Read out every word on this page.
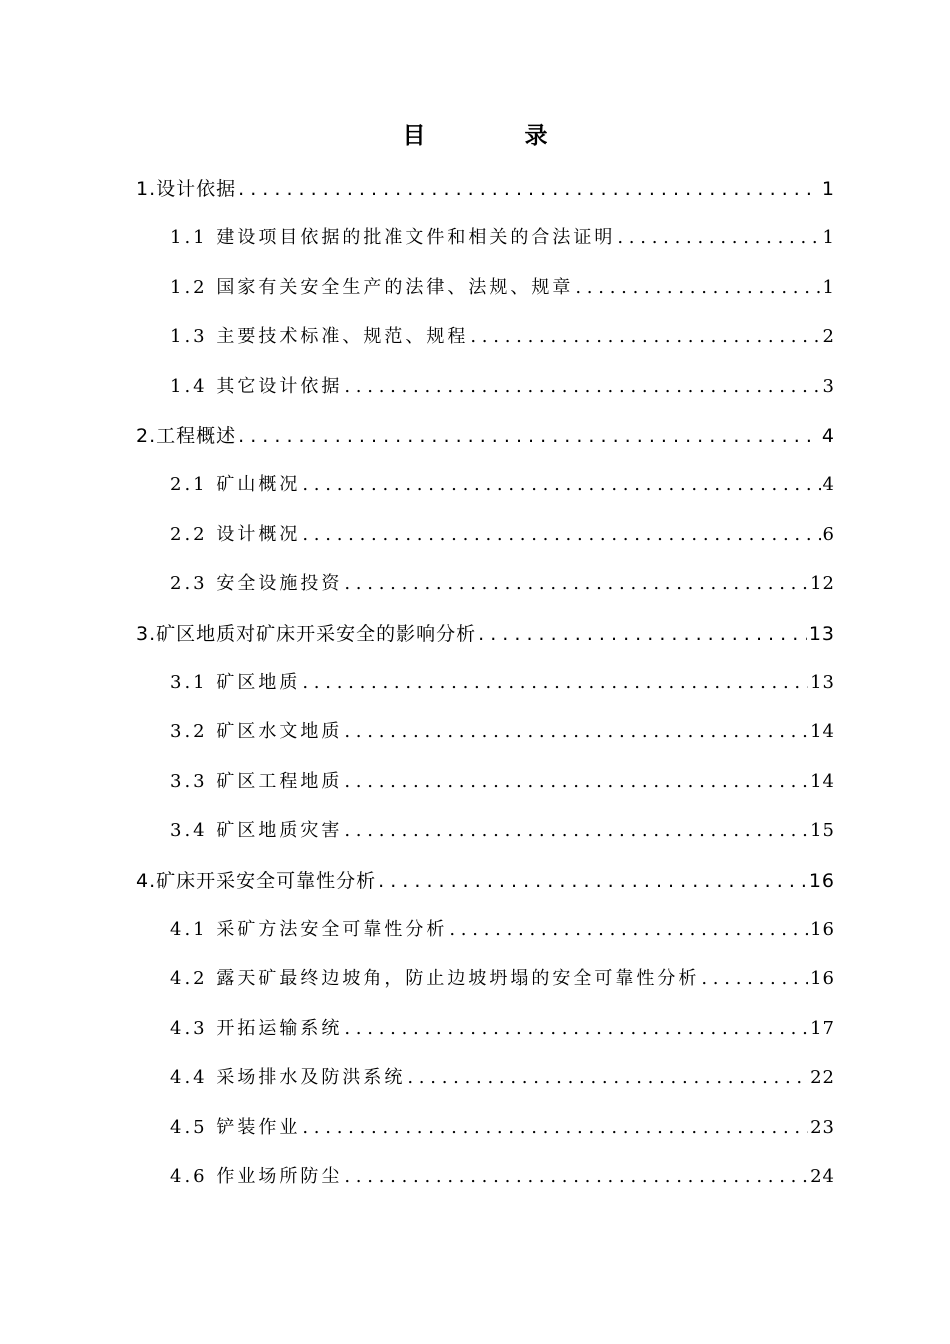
目　录
1.设计依据 . . .	1
1.1 建设项目依据的批准文件和相关的合法证明 . . .	1
1.2 国家有关安全生产的法律、法规、规章 . . .	1
1.3 主要技术标准、规范、规程 . . .	2
1.4 其它设计依据 . . .	3
2.工程概述 . . .	4
2.1 矿山概况 . . .	4
2.2 设计概况 . . .	6
2.3 安全设施投资 . . .	12
3.矿区地质对矿床开采安全的影响分析 . . .	13
3.1 矿区地质 . . .	13
3.2 矿区水文地质 . . .	14
3.3 矿区工程地质 . . .	14
3.4 矿区地质灾害 . . .	15
4.矿床开采安全可靠性分析 . . .	16
4.1 采矿方法安全可靠性分析 . . .	16
4.2 露天矿最终边坡角，防止边坡坍塌的安全可靠性分析 . . .	16
4.3 开拓运输系统 . . .	17
4.4 采场排水及防洪系统 . . .	22
4.5 铲装作业 . . .	23
4.6 作业场所防尘 . . .	24
